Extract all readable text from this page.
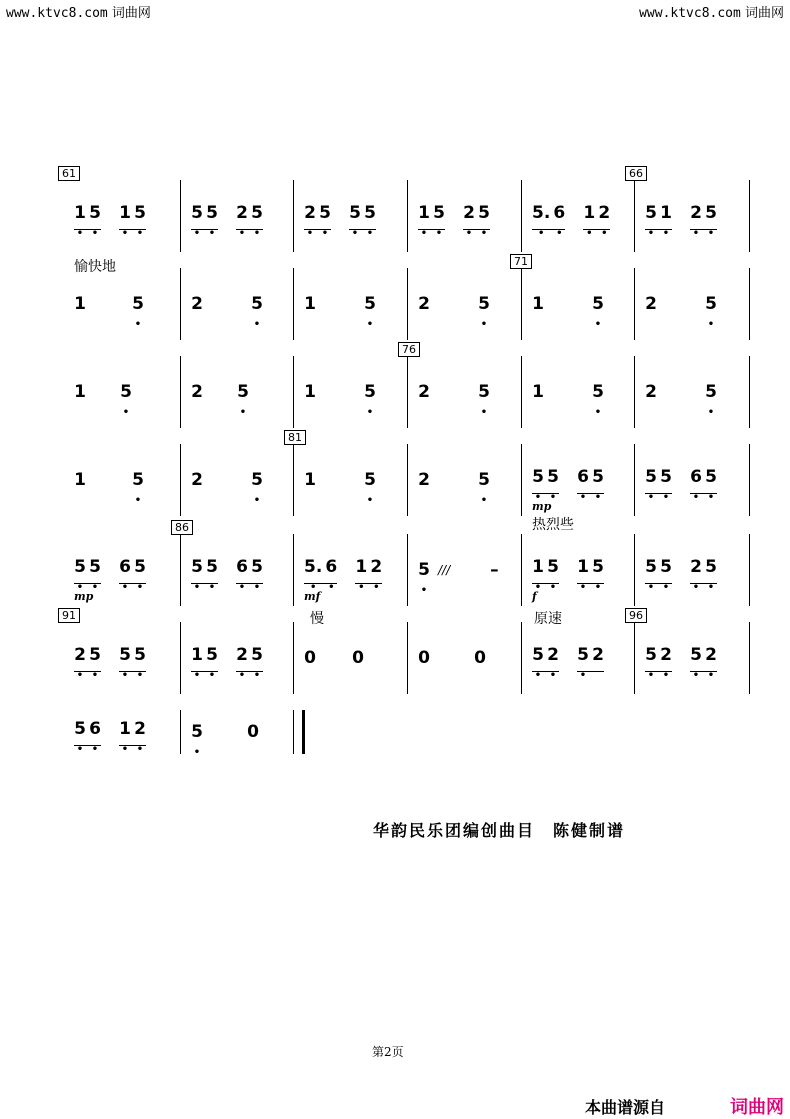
www.ktvc8.com 词曲网	www.ktvc8.com 词曲网
61
1
•
5
•
1
•
5
•
5
•
5
•
2
•
5
•
2
•
5
•
5
•
5
•
1
•
5
•
2
•
5
•
5.
•
6
•
1
•
2
•
66
5
•
1
•
2
•
5
•
愉快地
1	5
•
2	5
•
1	5
•
2	5
•
71
1	5
•
2	5
•
1 5
•
2 5
•
1	5
•
76
2	5
•
1	5
•
2	5
•
1	5
•
2	5
•
81
1	5
•
2	5
•
5
•
5
•
mp
6
•
5
•
5
•
5
•
6
•
5
•
5
•
5
•
mp
6
•
5
•
86
5
•
5
•
6
•
5
•
5.
•
6
•
mf
1
•
2
•
5
•
/// –
热烈些
1
•
5
•
f
1
•
5
•
5
•
5
•
2
•
5
•
91
2
•
5
•
5
•
5
•
1
•
5
•
2
•
5
•
慢
0 0	0	0
原速
5
•
2
•
5
•
2
96
5
•
2
•
5
•
2
•
5
•
6
•
1
•
2
•
5
•
0
华韵民乐团编创曲目　陈健制谱
第2页
本曲谱源自	词曲网
